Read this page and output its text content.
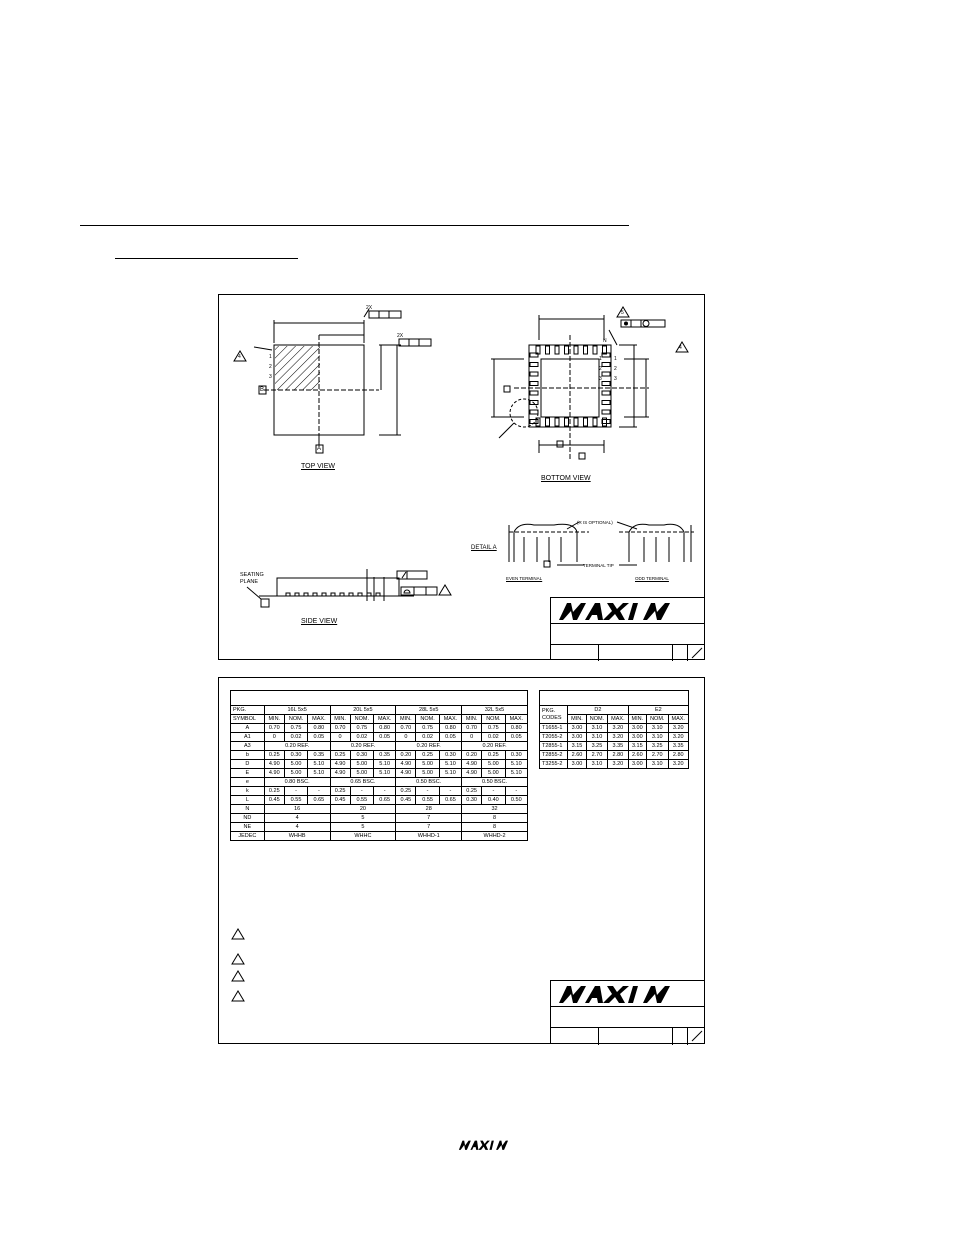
4	1
2
3
B
A
2X
2X
TOP VIEW
5
4
N
1
2
3
1
2
3
BOTTOM VIEW
DETAIL A
(R IS OPTIONAL)
TERMINAL TIP
EVEN TERMINAL	ODD TERMINAL
SEATING
PLANE
SIDE VIEW
PKG.	16L 5x5			20L 5x5			28L 5x5			32L 5x5		
SYMBOL	MIN.	NOM.	MAX.	MIN.	NOM.	MAX.	MIN.	NOM.	MAX.	MIN.	NOM.	MAX.
A	0.70	0.75	0.80	0.70	0.75	0.80	0.70	0.75	0.80	0.70	0.75	0.80
A1	0	0.02	0.05	0	0.02	0.05	0	0.02	0.05	0	0.02	0.05
A3	0.20 REF.			0.20 REF.			0.20 REF.			0.20 REF.		
b	0.25	0.30	0.35	0.25	0.30	0.35	0.20	0.25	0.30	0.20	0.25	0.30
D	4.90	5.00	5.10	4.90	5.00	5.10	4.90	5.00	5.10	4.90	5.00	5.10
E	4.90	5.00	5.10	4.90	5.00	5.10	4.90	5.00	5.10	4.90	5.00	5.10
e	0.80 BSC.			0.65 BSC.			0.50 BSC.			0.50 BSC.		
k	0.25	-	-	0.25	-	-	0.25	-	-	0.25	-	-
L	0.45	0.55	0.65	0.45	0.55	0.65	0.45	0.55	0.65	0.30	0.40	0.50
N	16			20			28			32		
ND	4			5			7			8		
NE	4			5			7			8		
JEDEC	WHHB			WHHC			WHHD-1			WHHD-2		
PKG.
CODES	D2			E2		
	MIN.	NOM.	MAX.	MIN.	NOM.	MAX.
T1655-1	3.00	3.10	3.20	3.00	3.10	3.20
T2055-2	3.00	3.10	3.20	3.00	3.10	3.20
T2855-1	3.15	3.25	3.35	3.15	3.25	3.35
T2855-2	2.60	2.70	2.80	2.60	2.70	2.80
T3255-2	3.00	3.10	3.20	3.00	3.10	3.20
